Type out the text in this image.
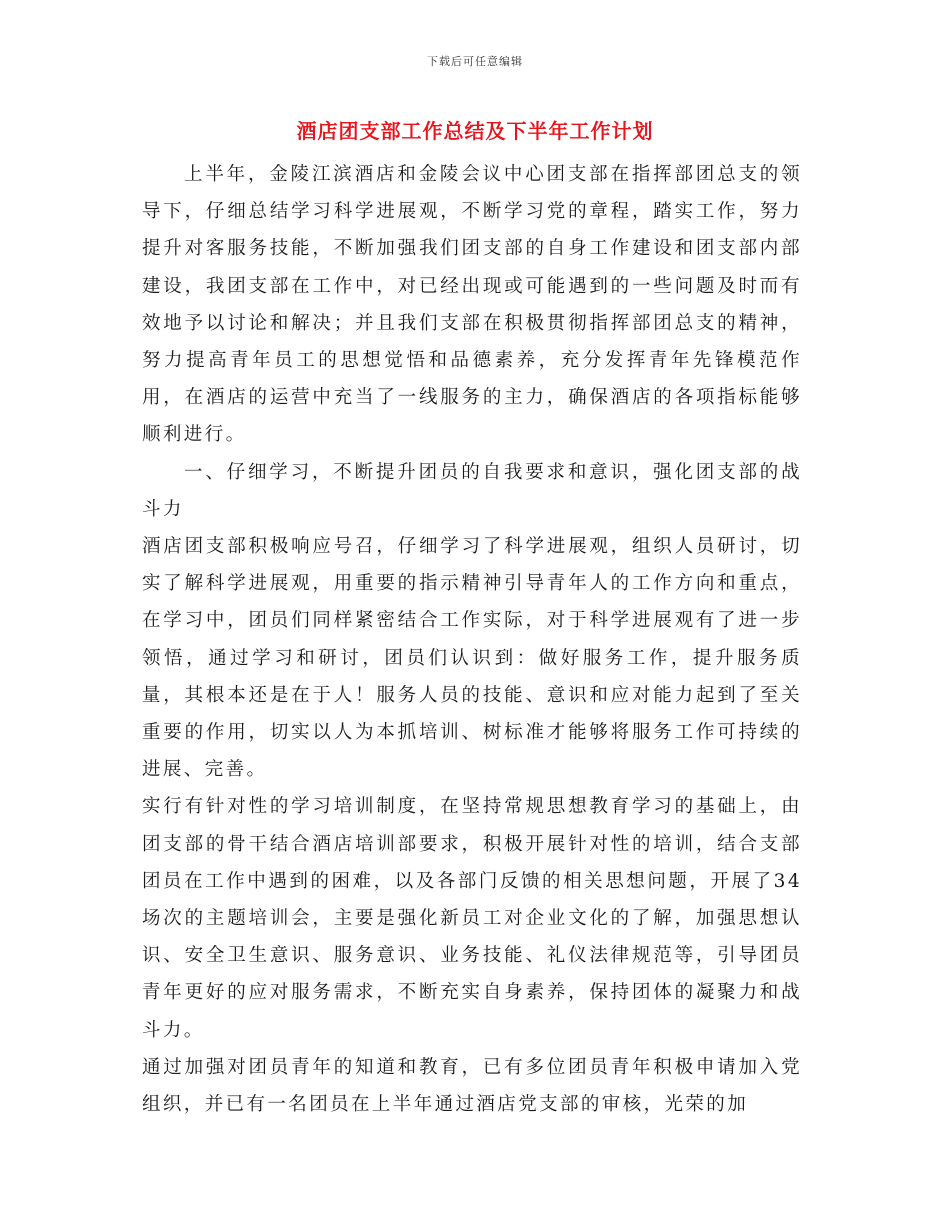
下载后可任意编辑
酒店团支部工作总结及下半年工作计划

上半年，金陵江滨酒店和金陵会议中心团支部在指挥部团总支的领导下，仔细总结学习科学进展观，不断学习党的章程，踏实工作，努力提升对客服务技能，不断加强我们团支部的自身工作建设和团支部内部建设，我团支部在工作中，对已经出现或可能遇到的一些问题及时而有效地予以讨论和解决；并且我们支部在积极贯彻指挥部团总支的精神，努力提高青年员工的思想觉悟和品德素养，充分发挥青年先锋模范作用，在酒店的运营中充当了一线服务的主力，确保酒店的各项指标能够顺利进行。

一、仔细学习，不断提升团员的自我要求和意识，强化团支部的战斗力

酒店团支部积极响应号召，仔细学习了科学进展观，组织人员研讨，切实了解科学进展观，用重要的指示精神引导青年人的工作方向和重点，在学习中，团员们同样紧密结合工作实际，对于科学进展观有了进一步领悟，通过学习和研讨，团员们认识到：做好服务工作，提升服务质量，其根本还是在于人！服务人员的技能、意识和应对能力起到了至关重要的作用，切实以人为本抓培训、树标准才能够将服务工作可持续的进展、完善。

实行有针对性的学习培训制度，在坚持常规思想教育学习的基础上，由团支部的骨干结合酒店培训部要求，积极开展针对性的培训，结合支部团员在工作中遇到的困难，以及各部门反馈的相关思想问题，开展了34场次的主题培训会，主要是强化新员工对企业文化的了解，加强思想认识、安全卫生意识、服务意识、业务技能、礼仪法律规范等，引导团员青年更好的应对服务需求，不断充实自身素养，保持团体的凝聚力和战斗力。

通过加强对团员青年的知道和教育，已有多位团员青年积极申请加入党组织，并已有一名团员在上半年通过酒店党支部的审核，光荣的加
